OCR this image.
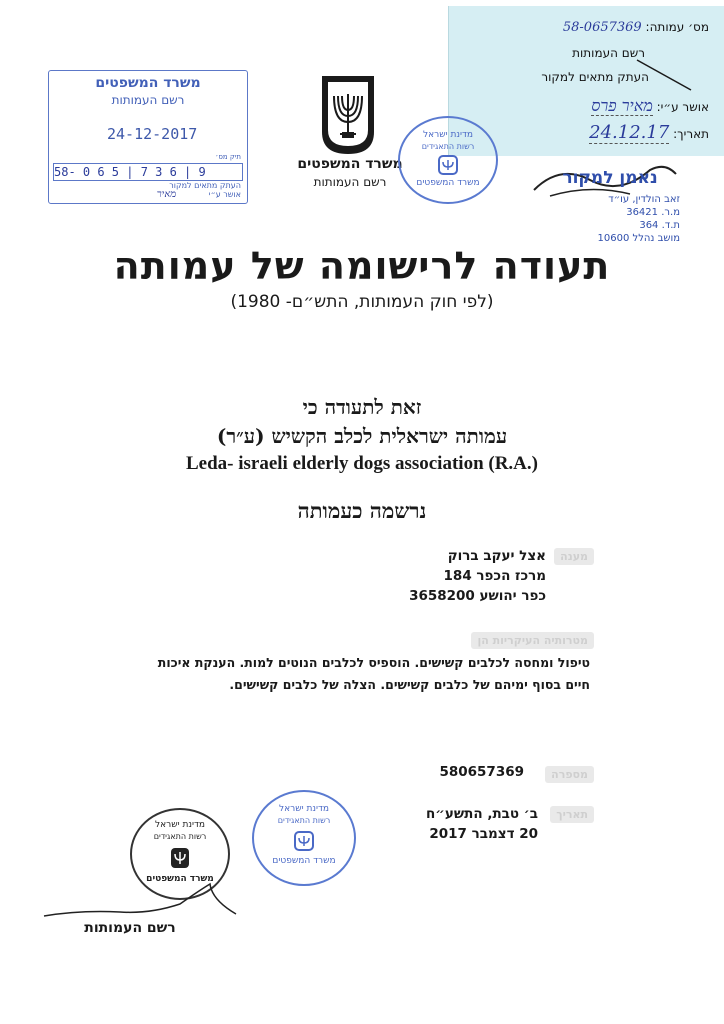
מס׳ עמותה: 58-0657369
רשם העמותות
העתק מתאים למקור
אושר ע״י: מאיר פרס
תאריך: 24.12.17
משרד המשפטים
רשם העמותות
24-12-2017
תיק מס׳
58- 0 6 5 | 7 3 6 | 9
העתק מתאים למקור
אושר ע״י מאיר
משרד המשפטים
רשם העמותות
מדינת ישראל
רשות התאגידים
משרד המשפטים	נאמן למקור
זאב הולדין, עו״ד
מ.ר. 36421
ת.ד. 364
מושב נהלל 10600
תעודה לרישומה של עמותה
(לפי חוק העמותות, התש״ם- 1980)
זאת לתעודה כי
עמותה ישראלית לכלב הקשיש (ע״ר)
Leda- israeli elderly dogs association (R.A.)
נרשמה כעמותה
מענה
אצל יעקב ברוק
מרכז הכפר 184
כפר יהושע 3658200
מטרותיה העיקריות הן
טיפול ומחסה לכלבים קשישים. הוספיס לכלבים הנוטים למות. הענקת איכות חיים בסוף ימיהם של כלבים קשישים. הצלה של כלבים קשישים.
מספרה
580657369
תאריך
ב׳ טבת, התשע״ח
20 דצמבר 2017
מדינת ישראל
רשות התאגידים
משרד המשפטים
מדינת ישראל
רשות התאגידים
משרד המשפטים
רשם העמותות
